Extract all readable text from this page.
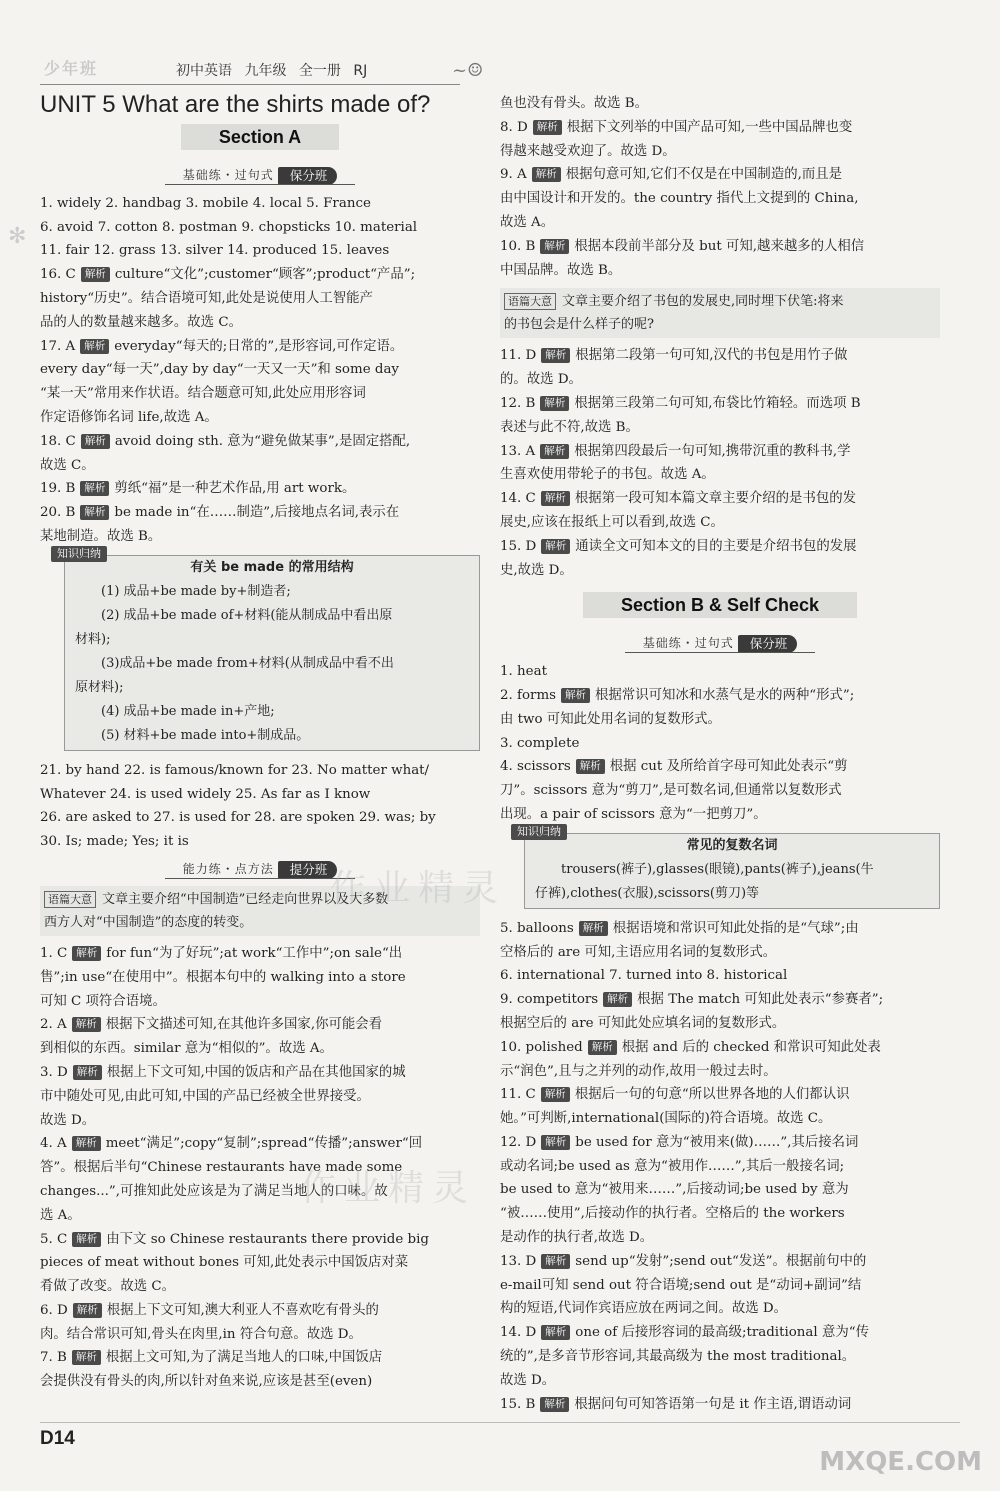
少年班	初中英语 九年级 全一册 RJ	~☺
✻
UNIT 5 What are the shirts made of?
Section A
基础练・过句式 保分班
1. widely 2. handbag 3. mobile 4. local 5. France
6. avoid 7. cotton 8. postman 9. chopsticks 10. material
11. fair 12. grass 13. silver 14. produced 15. leaves
16. C 解析 culture“文化”;customer“顾客”;product“产品”;
history“历史”。结合语境可知,此处是说使用人工智能产
品的人的数量越来越多。故选 C。
17. A 解析 everyday“每天的;日常的”,是形容词,可作定语。
every day“每一天”,day by day“一天又一天”和 some day
“某一天”常用来作状语。结合题意可知,此处应用形容词
作定语修饰名词 life,故选 A。
18. C 解析 avoid doing sth. 意为“避免做某事”,是固定搭配,
故选 C。
19. B 解析 剪纸“福”是一种艺术作品,用 art work。
20. B 解析 be made in“在……制造”,后接地点名词,表示在
某地制造。故选 B。
知识归纳
有关 be made 的常用结构
(1) 成品+be made by+制造者;
(2) 成品+be made of+材料(能从制成品中看出原
材料);
(3)成品+be made from+材料(从制成品中看不出
原材料);
(4) 成品+be made in+产地;
(5) 材料+be made into+制成品。
21. by hand 22. is famous/known for 23. No matter what/
Whatever 24. is used widely 25. As far as I know
26. are asked to 27. is used for 28. are spoken 29. was; by
30. Is; made; Yes; it is
能力练・点方法 提分班
语篇大意 文章主要介绍“中国制造”已经走向世界以及大多数
西方人对“中国制造”的态度的转变。
1. C 解析 for fun“为了好玩”;at work“工作中”;on sale“出
售”;in use“在使用中”。根据本句中的 walking into a store
可知 C 项符合语境。
2. A 解析 根据下文描述可知,在其他许多国家,你可能会看
到相似的东西。similar 意为“相似的”。故选 A。
3. D 解析 根据上下文可知,中国的饭店和产品在其他国家的城
市中随处可见,由此可知,中国的产品已经被全世界接受。
故选 D。
4. A 解析 meet“满足”;copy“复制”;spread“传播”;answer“回
答”。根据后半句“Chinese restaurants have made some
changes...”,可推知此处应该是为了满足当地人的口味。故
选 A。
5. C 解析 由下文 so Chinese restaurants there provide big
pieces of meat without bones 可知,此处表示中国饭店对菜
肴做了改变。故选 C。
6. D 解析 根据上下文可知,澳大利亚人不喜欢吃有骨头的
肉。结合常识可知,骨头在肉里,in 符合句意。故选 D。
7. B 解析 根据上文可知,为了满足当地人的口味,中国饭店
会提供没有骨头的肉,所以针对鱼来说,应该是甚至(even)
鱼也没有骨头。故选 B。
8. D 解析 根据下文列举的中国产品可知,一些中国品牌也变
得越来越受欢迎了。故选 D。
9. A 解析 根据句意可知,它们不仅是在中国制造的,而且是
由中国设计和开发的。the country 指代上文提到的 China,
故选 A。
10. B 解析 根据本段前半部分及 but 可知,越来越多的人相信
中国品牌。故选 B。
语篇大意 文章主要介绍了书包的发展史,同时埋下伏笔:将来
的书包会是什么样子的呢?
11. D 解析 根据第二段第一句可知,汉代的书包是用竹子做
的。故选 D。
12. B 解析 根据第三段第二句可知,布袋比竹箱轻。而选项 B
表述与此不符,故选 B。
13. A 解析 根据第四段最后一句可知,携带沉重的教科书,学
生喜欢使用带轮子的书包。故选 A。
14. C 解析 根据第一段可知本篇文章主要介绍的是书包的发
展史,应该在报纸上可以看到,故选 C。
15. D 解析 通读全文可知本文的目的主要是介绍书包的发展
史,故选 D。
Section B & Self Check
基础练・过句式 保分班
1. heat
2. forms 解析 根据常识可知冰和水蒸气是水的两种“形式”;
由 two 可知此处用名词的复数形式。
3. complete
4. scissors 解析 根据 cut 及所给首字母可知此处表示“剪
刀”。scissors 意为“剪刀”,是可数名词,但通常以复数形式
出现。a pair of scissors 意为“一把剪刀”。
知识归纳
常见的复数名词
trousers(裤子),glasses(眼镜),pants(裤子),jeans(牛
仔裤),clothes(衣服),scissors(剪刀)等
5. balloons 解析 根据语境和常识可知此处指的是“气球”;由
空格后的 are 可知,主语应用名词的复数形式。
6. international 7. turned into 8. historical
9. competitors 解析 根据 The match 可知此处表示“参赛者”;
根据空后的 are 可知此处应填名词的复数形式。
10. polished 解析 根据 and 后的 checked 和常识可知此处表
示“润色”,且与之并列的动作,故用一般过去时。
11. C 解析 根据后一句的句意“所以世界各地的人们都认识
她。”可判断,international(国际的)符合语境。故选 C。
12. D 解析 be used for 意为“被用来(做)……”,其后接名词
或动名词;be used as 意为“被用作……”,其后一般接名词;
be used to 意为“被用来……”,后接动词;be used by 意为
“被……使用”,后接动作的执行者。空格后的 the workers
是动作的执行者,故选 D。
13. D 解析 send up“发射”;send out“发送”。根据前句中的
e-mail可知 send out 符合语境;send out 是“动词+副词”结
构的短语,代词作宾语应放在两词之间。故选 D。
14. D 解析 one of 后接形容词的最高级;traditional 意为“传
统的”,是多音节形容词,其最高级为 the most traditional。
故选 D。
15. B 解析 根据问句可知答语第一句是 it 作主语,谓语动词
D14
作业精灵
作业精灵
MXQE.COM
